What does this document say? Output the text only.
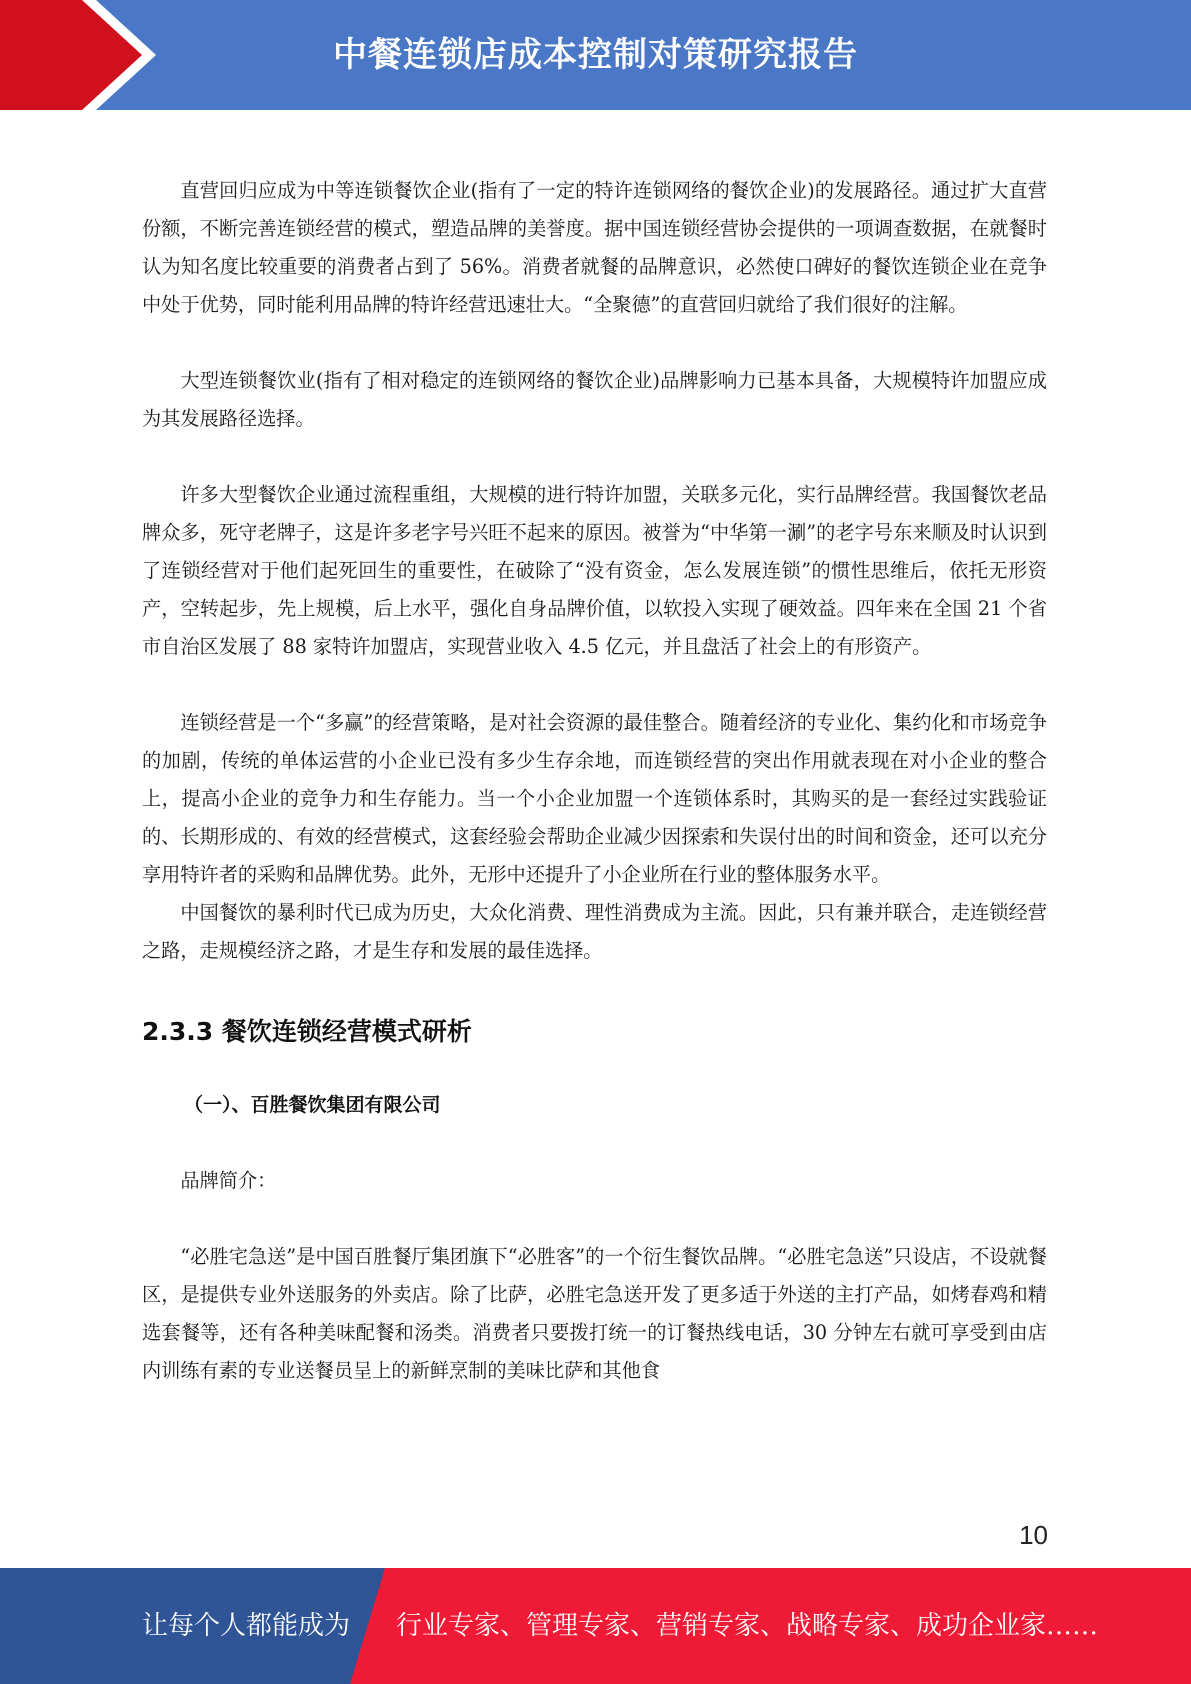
中餐连锁店成本控制对策研究报告

直营回归应成为中等连锁餐饮企业(指有了一定的特许连锁网络的餐饮企业)的发展路径。通过扩大直营份额，不断完善连锁经营的模式，塑造品牌的美誉度。据中国连锁经营协会提供的一项调查数据，在就餐时认为知名度比较重要的消费者占到了 56%。消费者就餐的品牌意识，必然使口碑好的餐饮连锁企业在竞争中处于优势，同时能利用品牌的特许经营迅速壮大。“全聚德”的直营回归就给了我们很好的注解。

大型连锁餐饮业(指有了相对稳定的连锁网络的餐饮企业)品牌影响力已基本具备，大规模特许加盟应成为其发展路径选择。

许多大型餐饮企业通过流程重组，大规模的进行特许加盟，关联多元化，实行品牌经营。我国餐饮老品牌众多，死守老牌子，这是许多老字号兴旺不起来的原因。被誉为“中华第一涮”的老字号东来顺及时认识到了连锁经营对于他们起死回生的重要性，在破除了“没有资金，怎么发展连锁”的惯性思维后，依托无形资产，空转起步，先上规模，后上水平，强化自身品牌价值，以软投入实现了硬效益。四年来在全国 21 个省市自治区发展了 88 家特许加盟店，实现营业收入 4.5 亿元，并且盘活了社会上的有形资产。

连锁经营是一个“多赢”的经营策略，是对社会资源的最佳整合。随着经济的专业化、集约化和市场竞争的加剧，传统的单体运营的小企业已没有多少生存余地，而连锁经营的突出作用就表现在对小企业的整合上，提高小企业的竞争力和生存能力。当一个小企业加盟一个连锁体系时，其购买的是一套经过实践验证的、长期形成的、有效的经营模式，这套经验会帮助企业减少因探索和失误付出的时间和资金，还可以充分享用特许者的采购和品牌优势。此外，无形中还提升了小企业所在行业的整体服务水平。

中国餐饮的暴利时代已成为历史，大众化消费、理性消费成为主流。因此，只有兼并联合，走连锁经营之路，走规模经济之路，才是生存和发展的最佳选择。

2.3.3 餐饮连锁经营模式研析
（一）、百胜餐饮集团有限公司

品牌简介：

“必胜宅急送”是中国百胜餐厅集团旗下“必胜客”的一个衍生餐饮品牌。“必胜宅急送”只设店，不设就餐区，是提供专业外送服务的外卖店。除了比萨，必胜宅急送开发了更多适于外送的主打产品，如烤春鸡和精选套餐等，还有各种美味配餐和汤类。消费者只要拨打统一的订餐热线电话，30 分钟左右就可享受到由店内训练有素的专业送餐员呈上的新鲜烹制的美味比萨和其他食

10
让每个人都能成为 行业专家、管理专家、营销专家、战略专家、成功企业家……
